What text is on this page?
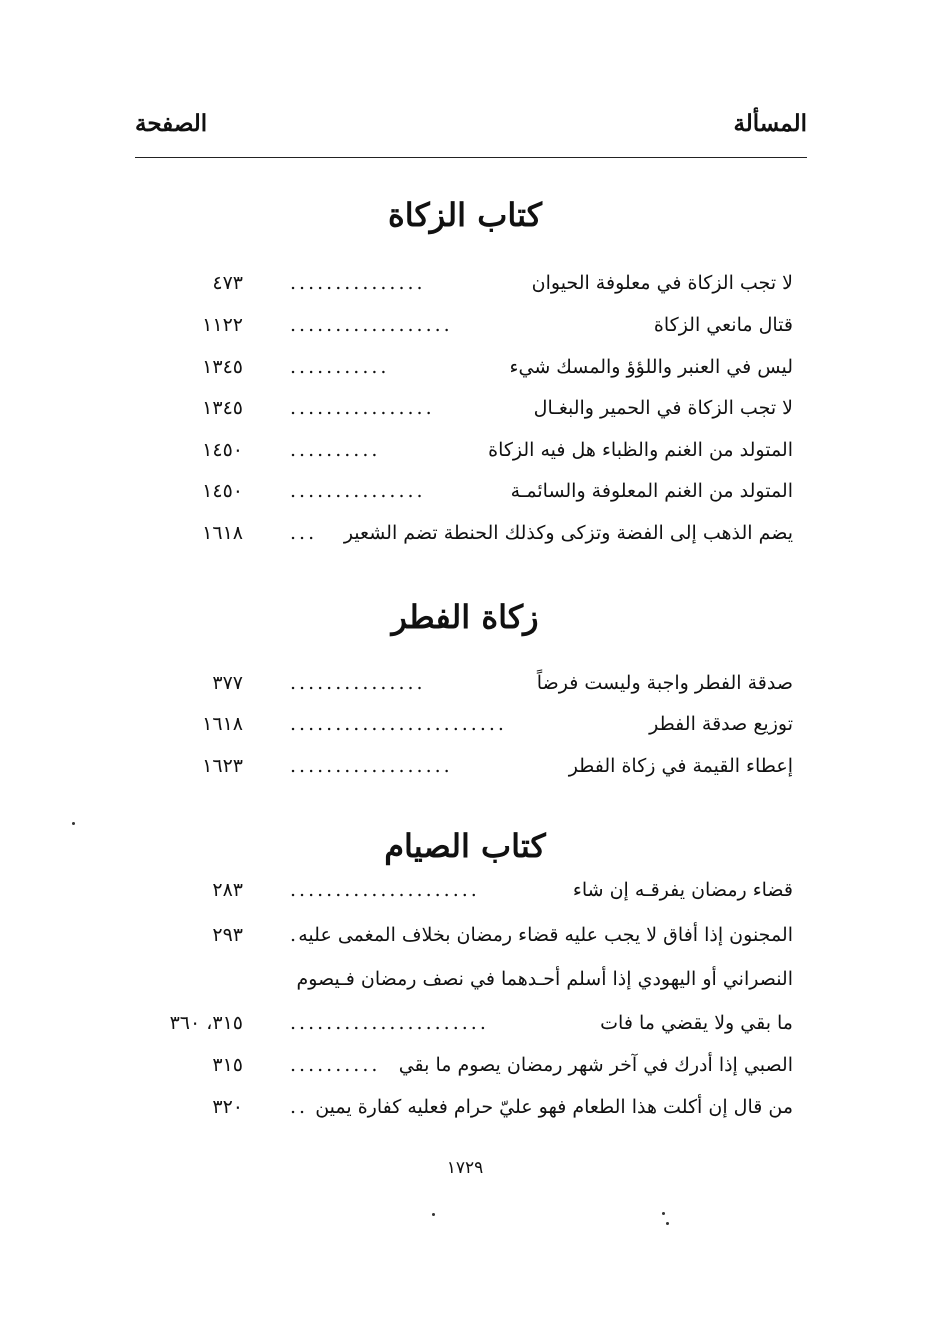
المسألة
الصفحة
كتاب الزكاة
لا تجب الزكاة في معلوفة الحيوان
...............
٤٧٣
قتال مانعي الزكاة
..................
١١٢٢
ليس في العنبر واللؤؤ والمسك شيء
...........
١٣٤٥
لا تجب الزكاة في الحمير والبغـال
................
١٣٤٥
المتولد من الغنم والظباء هل فيه الزكاة
..........
١٤٥٠
المتولد من الغنم المعلوفة والسائمـة
...............
١٤٥٠
يضم الذهب إلى الفضة وتزكى وكذلك الحنطة تضم الشعير
...
١٦١٨
زكاة الفطر
صدقة الفطر واجبة وليست فرضاً
...............
٣٧٧
توزيع صدقة الفطر
........................
١٦١٨
إعطاء القيمة في زكاة الفطر
..................
١٦٢٣
كتاب الصيام
قضاء رمضان يفرقـه إن شاء
.....................
٢٨٣
المجنون إذا أفاق لا يجب عليه قضاء رمضان بخلاف المغمى عليه
.
٢٩٣
النصراني أو اليهودي إذا أسلم أحـدهما في نصف رمضان فـيصوم
ما بقي ولا يقضي ما فات
......................
٣١٥، ٣٦٠
الصبي إذا أدرك في آخر شهر رمضان يصوم ما بقي
..........
٣١٥
من قال إن أكلت هذا الطعام فهو عليّ حرام فعليه كفارة يمين
..
٣٢٠
١٧٢٩
